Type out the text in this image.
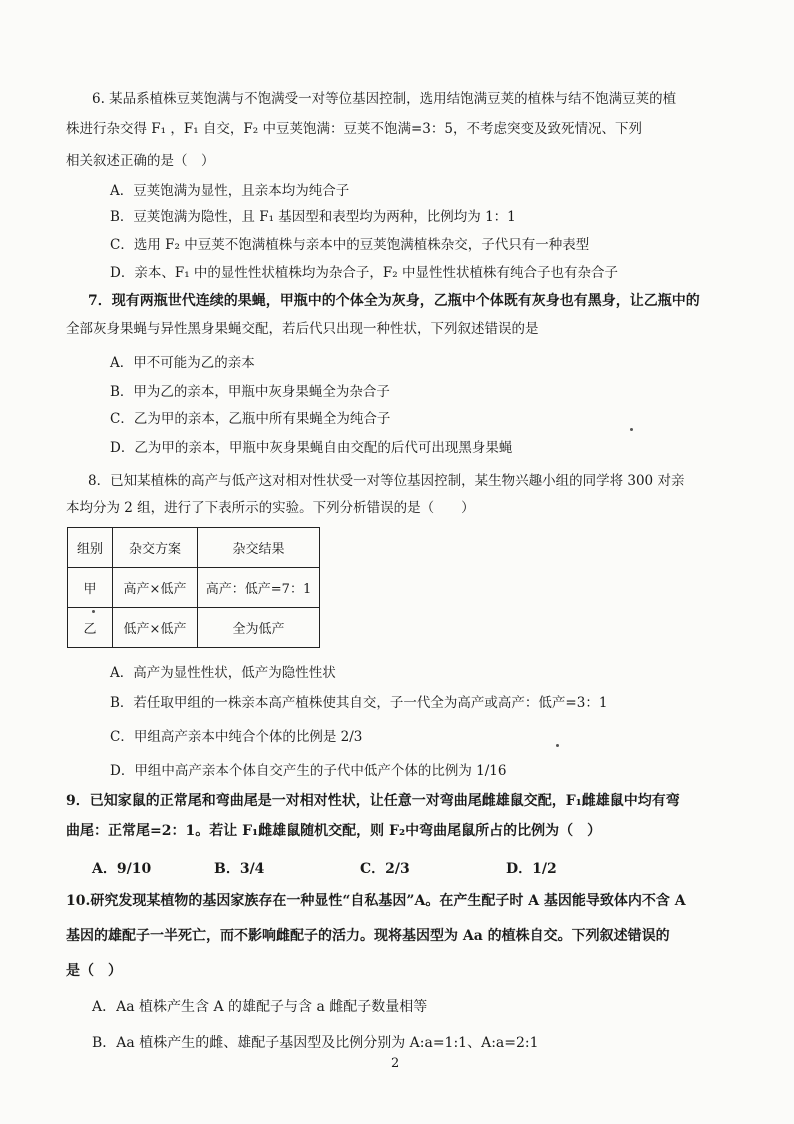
6. 某品系植株豆荚饱满与不饱满受一对等位基因控制，选用结饱满豆荚的植株与结不饱满豆荚的植
株进行杂交得 F₁ ，F₁ 自交，F₂ 中豆荚饱满：豆荚不饱满=3：5，不考虑突变及致死情况、下列
相关叙述正确的是（　）
A．豆荚饱满为显性，且亲本均为纯合子
B．豆荚饱满为隐性，且 F₁ 基因型和表型均为两种，比例均为 1：1
C．选用 F₂ 中豆荚不饱满植株与亲本中的豆荚饱满植株杂交，子代只有一种表型
D．亲本、F₁ 中的显性性状植株均为杂合子，F₂ 中显性性状植株有纯合子也有杂合子
7．现有两瓶世代连续的果蝇，甲瓶中的个体全为灰身，乙瓶中个体既有灰身也有黑身，让乙瓶中的
全部灰身果蝇与异性黑身果蝇交配，若后代只出现一种性状，下列叙述错误的是
A．甲不可能为乙的亲本
B．甲为乙的亲本，甲瓶中灰身果蝇全为杂合子
C．乙为甲的亲本，乙瓶中所有果蝇全为纯合子
D．乙为甲的亲本，甲瓶中灰身果蝇自由交配的后代可出现黑身果蝇
8．已知某植株的高产与低产这对相对性状受一对等位基因控制，某生物兴趣小组的同学将 300 对亲
本均分为 2 组，进行了下表所示的实验。下列分析错误的是（　　）
组别	杂交方案	杂交结果
甲	高产×低产	高产：低产=7：1
乙	低产×低产	全为低产
A．高产为显性性状，低产为隐性性状
B．若任取甲组的一株亲本高产植株使其自交，子一代全为高产或高产：低产=3：1
C．甲组高产亲本中纯合个体的比例是 2/3
D．甲组中高产亲本个体自交产生的子代中低产个体的比例为 1/16
9．已知家鼠的正常尾和弯曲尾是一对相对性状，让任意一对弯曲尾雌雄鼠交配，F₁雌雄鼠中均有弯
曲尾：正常尾=2：1。若让 F₁雌雄鼠随机交配，则 F₂中弯曲尾鼠所占的比例为（　）
A．9/10	B．3/4	C．2/3	D．1/2
10.研究发现某植物的基因家族存在一种显性“自私基因”A。在产生配子时 A 基因能导致体内不含 A
基因的雄配子一半死亡，而不影响雌配子的活力。现将基因型为 Aa 的植株自交。下列叙述错误的
是（　）
A．Aa 植株产生含 A 的雄配子与含 a 雌配子数量相等
B．Aa 植株产生的雌、雄配子基因型及比例分别为 A:a=1:1、A:a=2:1
2
